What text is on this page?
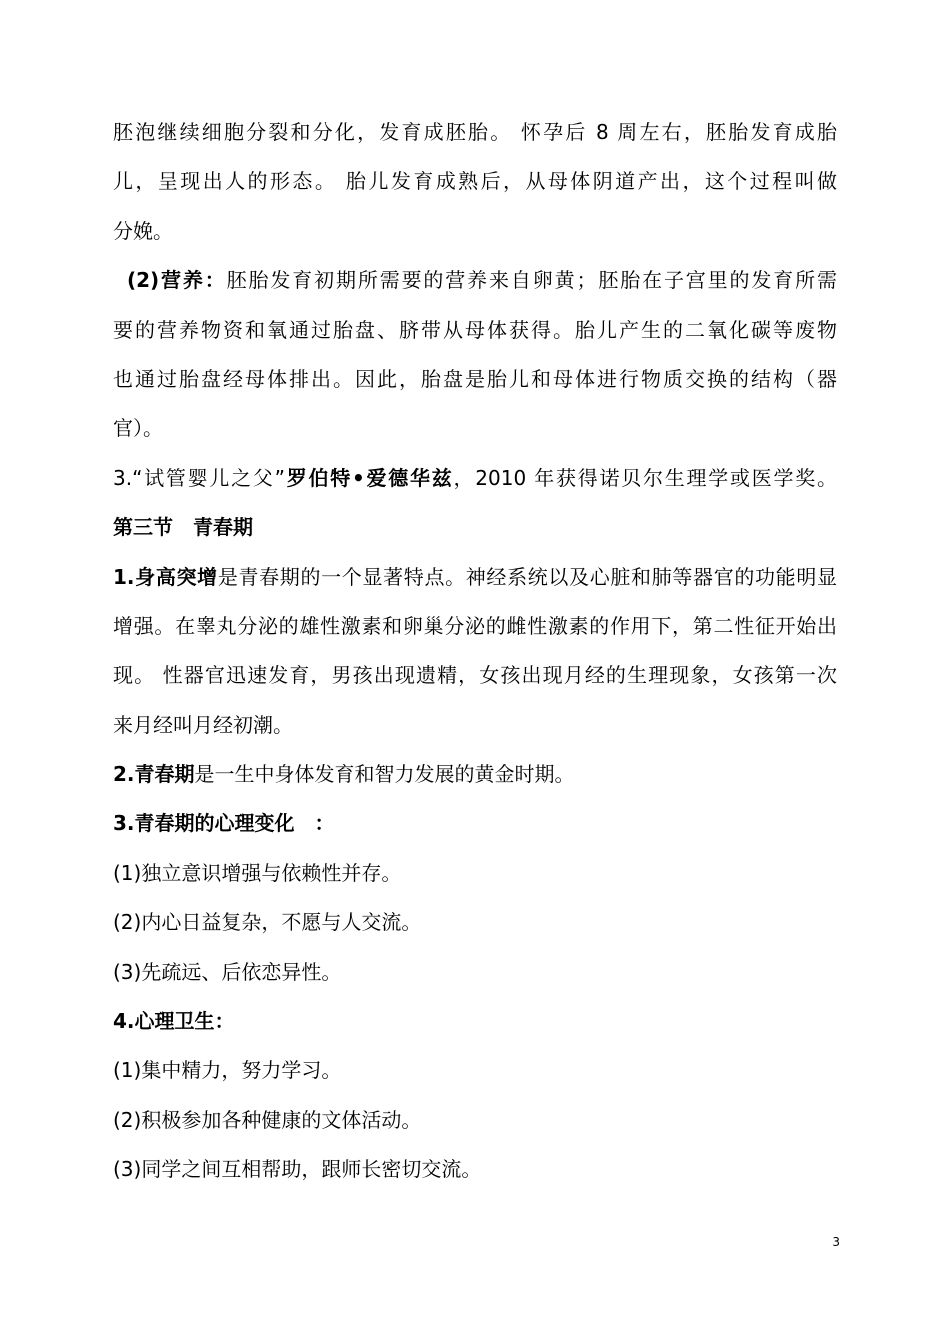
胚泡继续细胞分裂和分化，发育成胚胎。 怀孕后 8 周左右，胚胎发育成胎
儿，呈现出人的形态。 胎儿发育成熟后，从母体阴道产出，这个过程叫做
分娩。
(2)营养：胚胎发育初期所需要的营养来自卵黄；胚胎在子宫里的发育所需
要的营养物资和氧通过胎盘、脐带从母体获得。胎儿产生的二氧化碳等废物
也通过胎盘经母体排出。因此，胎盘是胎儿和母体进行物质交换的结构（器
官）。
3.“试管婴儿之父”罗伯特•爱德华兹，2010 年获得诺贝尔生理学或医学奖。
第三节　青春期
1.身高突增是青春期的一个显著特点。神经系统以及心脏和肺等器官的功能明显
增强。在睾丸分泌的雄性激素和卵巢分泌的雌性激素的作用下，第二性征开始出
现。 性器官迅速发育，男孩出现遗精，女孩出现月经的生理现象，女孩第一次
来月经叫月经初潮。
2.青春期是一生中身体发育和智力发展的黄金时期。
3.青春期的心理变化　：
(1)独立意识增强与依赖性并存。
(2)内心日益复杂，不愿与人交流。
(3)先疏远、后依恋异性。
4.心理卫生：
(1)集中精力，努力学习。
(2)积极参加各种健康的文体活动。
(3)同学之间互相帮助，跟师长密切交流。
3
